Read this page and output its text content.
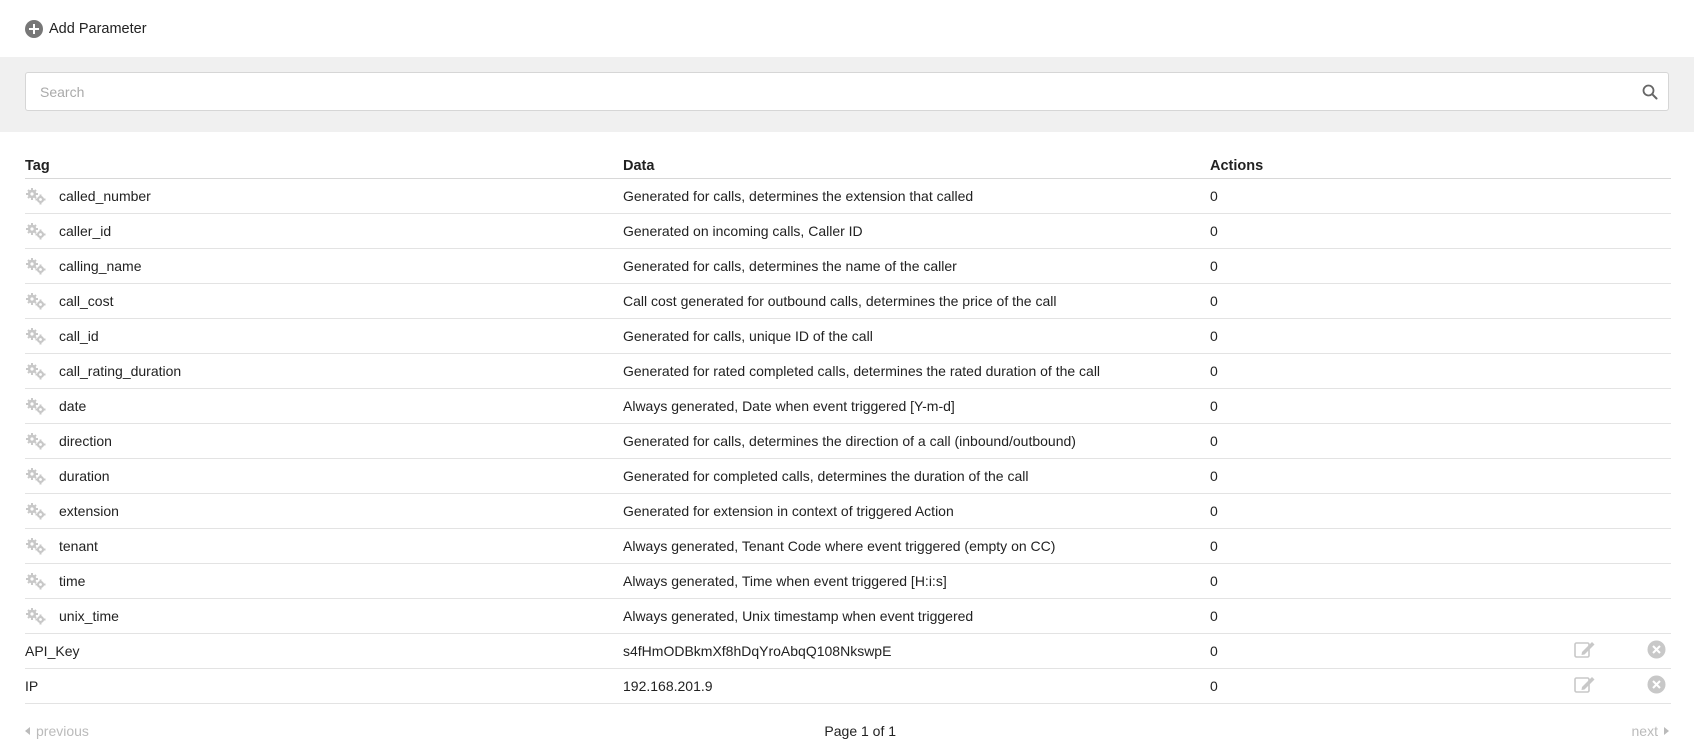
Add Parameter
Search
Tag	Data	Actions		

called_number	Generated for calls, determines the extension that called	0		

caller_id	Generated on incoming calls, Caller ID	0		

calling_name	Generated for calls, determines the name of the caller	0		

call_cost	Call cost generated for outbound calls, determines the price of the call	0		

call_id	Generated for calls, unique ID of the call	0		

call_rating_duration	Generated for rated completed calls, determines the rated duration of the call	0		

date	Always generated, Date when event triggered [Y-m-d]	0		

direction	Generated for calls, determines the direction of a call (inbound/outbound)	0		

duration	Generated for completed calls, determines the duration of the call	0		

extension	Generated for extension in context of triggered Action	0		

tenant	Always generated, Tenant Code where event triggered (empty on CC)	0		

time	Always generated, Time when event triggered [H:i:s]	0		

unix_time	Always generated, Unix timestamp when event triggered	0		
API_Key	s4fHmODBkmXf8hDqYroAbqQ108NkswpE	0	

IP	192.168.201.9	0	

previous	Page 1 of 1	next
